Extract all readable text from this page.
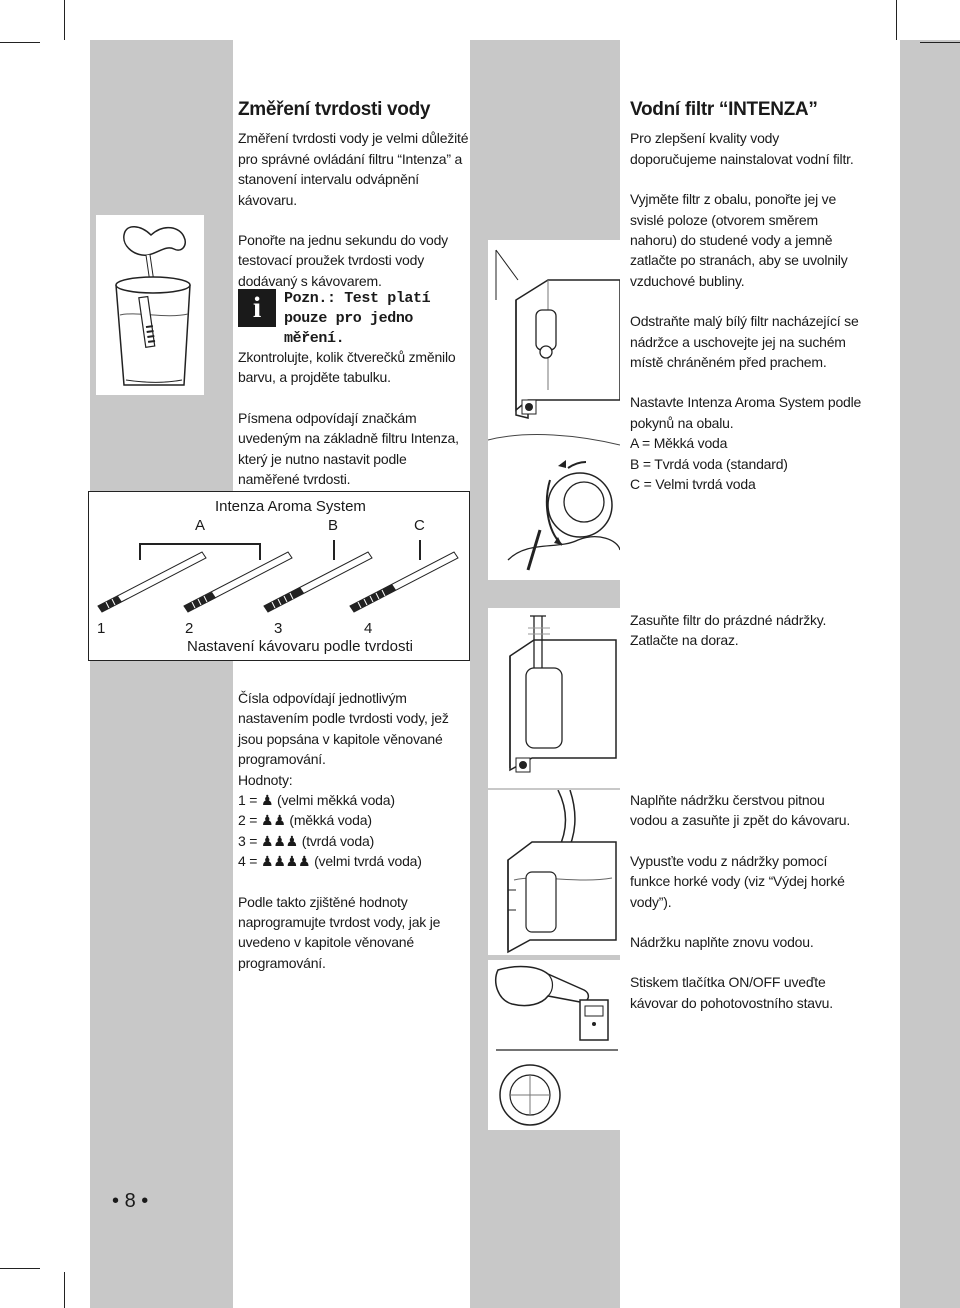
Změření tvrdosti vody

Změření tvrdosti vody je velmi důležité pro správné ovládání filtru “Intenza” a stanovení intervalu odvápnění kávovaru.

Ponořte na jednu sekundu do vody testovací proužek tvrdosti vody dodávaný s kávovarem.

i	Pozn.: Test platí pouze pro jedno měření.

Zkontrolujte, kolik čtverečků změnilo barvu, a projděte tabulku.

Písmena odpovídají značkám uvedeným na základně filtru Intenza, který je nutno nastavit podle naměřené tvrdosti.

Intenza Aroma System
A	B	C
1	2	3	4
Nastavení kávovaru podle tvrdosti

Čísla odpovídají jednotlivým nastavením podle tvrdosti vody, jež jsou popsána v kapitole věnované programování.

Hodnoty:

1 = ♟ (velmi měkká voda)

2 = ♟♟ (měkká voda)

3 = ♟♟♟ (tvrdá voda)

4 = ♟♟♟♟ (velmi tvrdá voda)

Podle takto zjištěné hodnoty naprogramujte tvrdost vody, jak je uvedeno v kapitole věnované programování.

Vodní filtr “INTENZA”

Pro zlepšení kvality vody doporučujeme nainstalovat vodní filtr.

Vyjměte filtr z obalu, ponořte jej ve svislé poloze (otvorem směrem nahoru) do studené vody a jemně zatlačte po stranách, aby se uvolnily vzduchové bubliny.

Odstraňte malý bílý filtr nacházející se nádržce a uschovejte jej na suchém místě chráněném před prachem.

Nastavte Intenza Aroma System podle pokynů na obalu.

A = Měkká voda

B = Tvrdá voda (standard)

C = Velmi tvrdá voda

Zasuňte filtr do prázdné nádržky. Zatlačte na doraz.

Naplňte nádržku čerstvou pitnou vodou a zasuňte ji zpět do kávovaru.

Vypusťte vodu z nádržky pomocí funkce horké vody (viz “Výdej horké vody”).

Nádržku naplňte znovu vodou.

Stiskem tlačítka ON/OFF uveďte kávovar do pohotovostního stavu.

• 8 •
